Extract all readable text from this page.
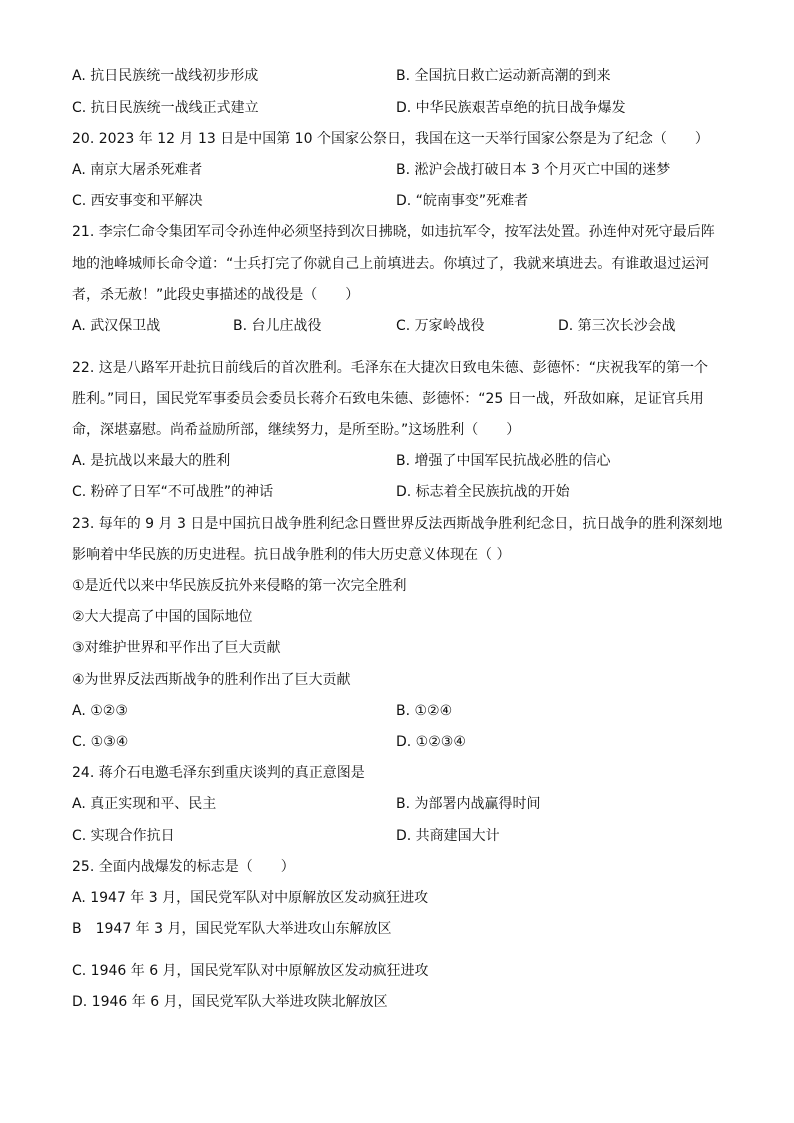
A. 抗日民族统一战线初步形成	B. 全国抗日救亡运动新高潮的到来
C. 抗日民族统一战线正式建立	D. 中华民族艰苦卓绝的抗日战争爆发
20. 2023 年 12 月 13 日是中国第 10 个国家公祭日，我国在这一天举行国家公祭是为了纪念（　　）
A. 南京大屠杀死难者	B. 淞沪会战打破日本 3 个月灭亡中国的迷梦
C. 西安事变和平解决	D. “皖南事变”死难者
21. 李宗仁命令集团军司令孙连仲必须坚持到次日拂晓，如违抗军令，按军法处置。孙连仲对死守最后阵
地的池峰城师长命令道：“士兵打完了你就自己上前填进去。你填过了，我就来填进去。有谁敢退过运河
者，杀无赦！”此段史事描述的战役是（　　）
A. 武汉保卫战	B. 台儿庄战役	C. 万家岭战役	D. 第三次长沙会战
22. 这是八路军开赴抗日前线后的首次胜利。毛泽东在大捷次日致电朱德、彭德怀：“庆祝我军的第一个
胜利。”同日，国民党军事委员会委员长蒋介石致电朱德、彭德怀：“25 日一战，歼敌如麻，足证官兵用
命，深堪嘉慰。尚希益励所部，继续努力，是所至盼。”这场胜利（　　）
A. 是抗战以来最大的胜利	B. 增强了中国军民抗战必胜的信心
C. 粉碎了日军“不可战胜”的神话	D. 标志着全民族抗战的开始
23. 每年的 9 月 3 日是中国抗日战争胜利纪念日暨世界反法西斯战争胜利纪念日，抗日战争的胜利深刻地
影响着中华民族的历史进程。抗日战争胜利的伟大历史意义体现在（ ）
①是近代以来中华民族反抗外来侵略的第一次完全胜利
②大大提高了中国的国际地位
③对维护世界和平作出了巨大贡献
④为世界反法西斯战争的胜利作出了巨大贡献
A. ①②③	B. ①②④
C. ①③④	D. ①②③④
24. 蒋介石电邀毛泽东到重庆谈判的真正意图是
A. 真正实现和平、民主	B. 为部署内战赢得时间
C. 实现合作抗日	D. 共商建国大计
25. 全面内战爆发的标志是（　　）
A. 1947 年 3 月，国民党军队对中原解放区发动疯狂进攻
B　1947 年 3 月，国民党军队大举进攻山东解放区
C. 1946 年 6 月，国民党军队对中原解放区发动疯狂进攻
D. 1946 年 6 月，国民党军队大举进攻陕北解放区
